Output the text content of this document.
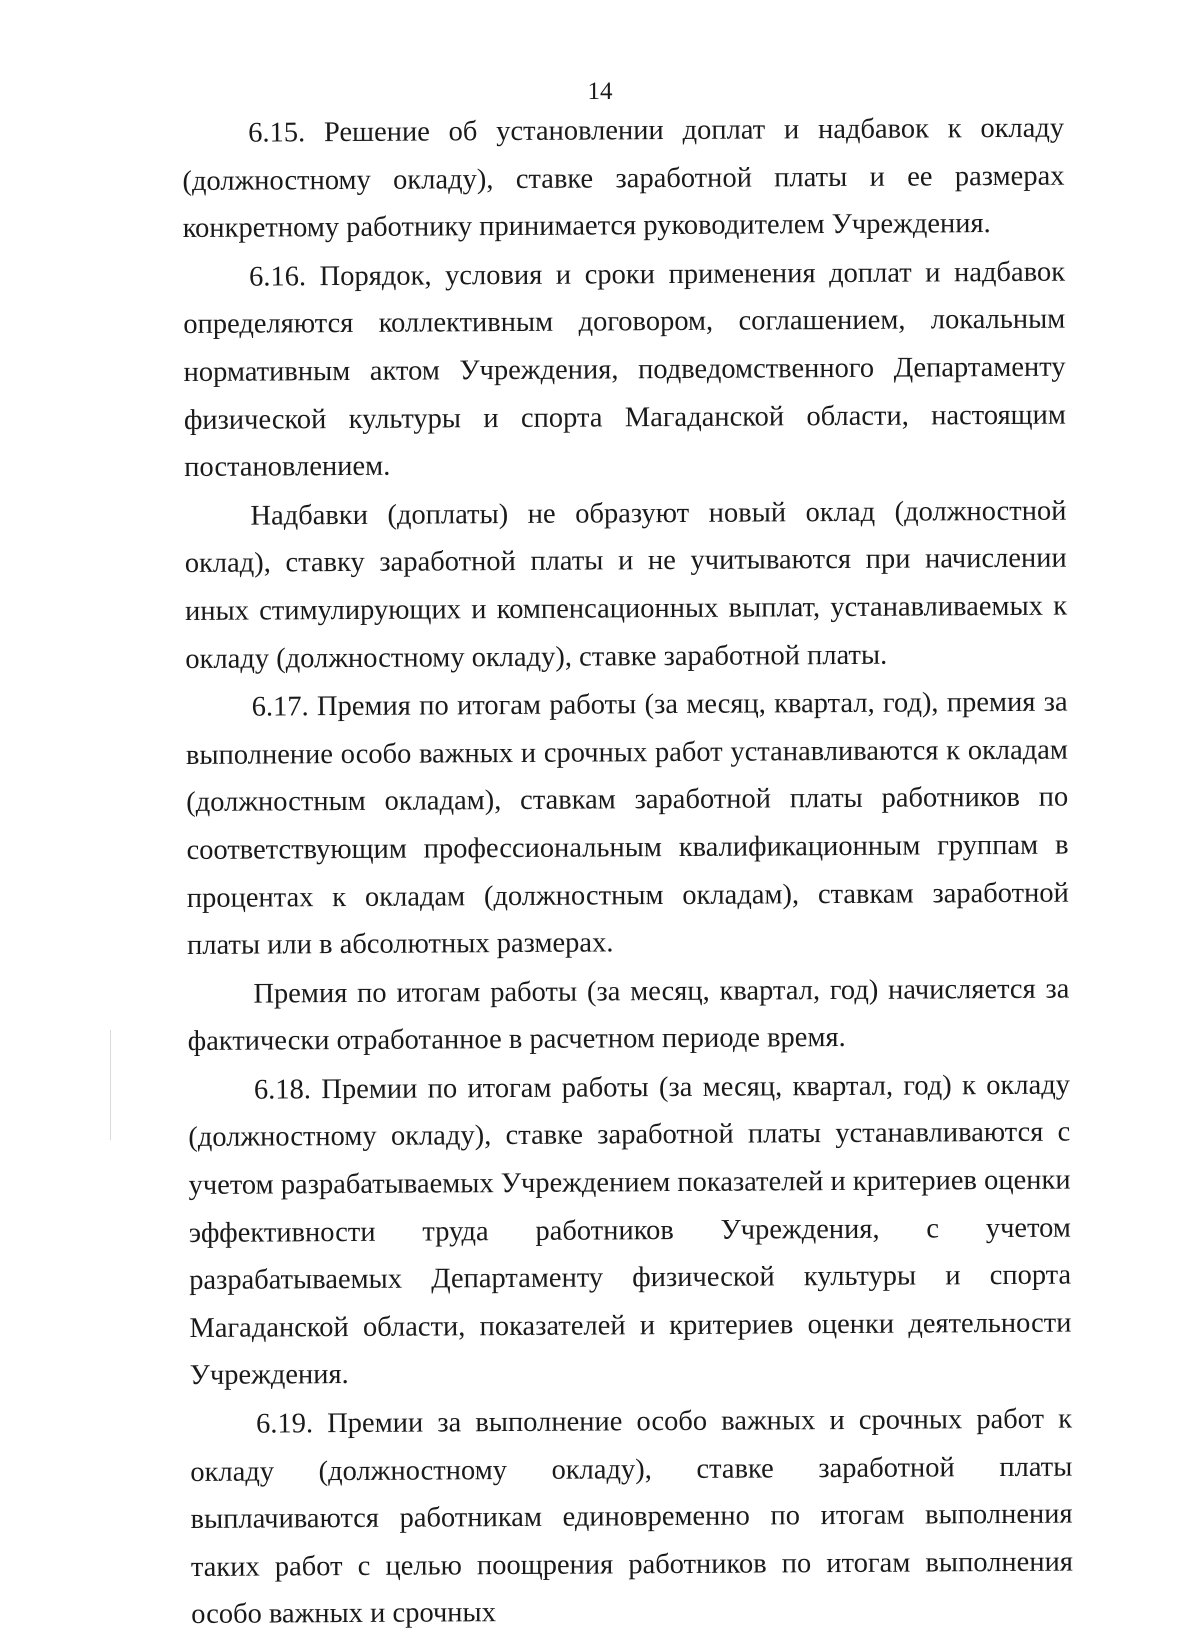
14

6.15. Решение об установлении доплат и надбавок к окладу (должностному окладу), ставке заработной платы и ее размерах конкретному работнику принимается руководителем Учреждения.

6.16. Порядок, условия и сроки применения доплат и надбавок определяются коллективным договором, соглашением, локальным нормативным актом Учреждения, подведомственного Департаменту физической культуры и спорта Магаданской области, настоящим постановлением.

Надбавки (доплаты) не образуют новый оклад (должностной оклад), ставку заработной платы и не учитываются при начислении иных стимулирующих и компенсационных выплат, устанавливаемых к окладу (должностному окладу), ставке заработной платы.

6.17. Премия по итогам работы (за месяц, квартал, год), премия за выполнение особо важных и срочных работ устанавливаются к окладам (должностным окладам), ставкам заработной платы работников по соответствующим профессиональным квалификационным группам в процентах к окладам (должностным окладам), ставкам заработной платы или в абсолютных размерах.

Премия по итогам работы (за месяц, квартал, год) начисляется за фактически отработанное в расчетном периоде время.

6.18. Премии по итогам работы (за месяц, квартал, год) к окладу (должностному окладу), ставке заработной платы устанавливаются с учетом разрабатываемых Учреждением показателей и критериев оценки эффективности труда работников Учреждения, с учетом разрабатываемых Департаменту физической культуры и спорта Магаданской области, показателей и критериев оценки деятельности Учреждения.

6.19. Премии за выполнение особо важных и срочных работ к окладу (должностному окладу), ставке заработной платы выплачиваются работникам единовременно по итогам выполнения таких работ с целью поощрения работников по итогам выполнения особо важных и срочных
